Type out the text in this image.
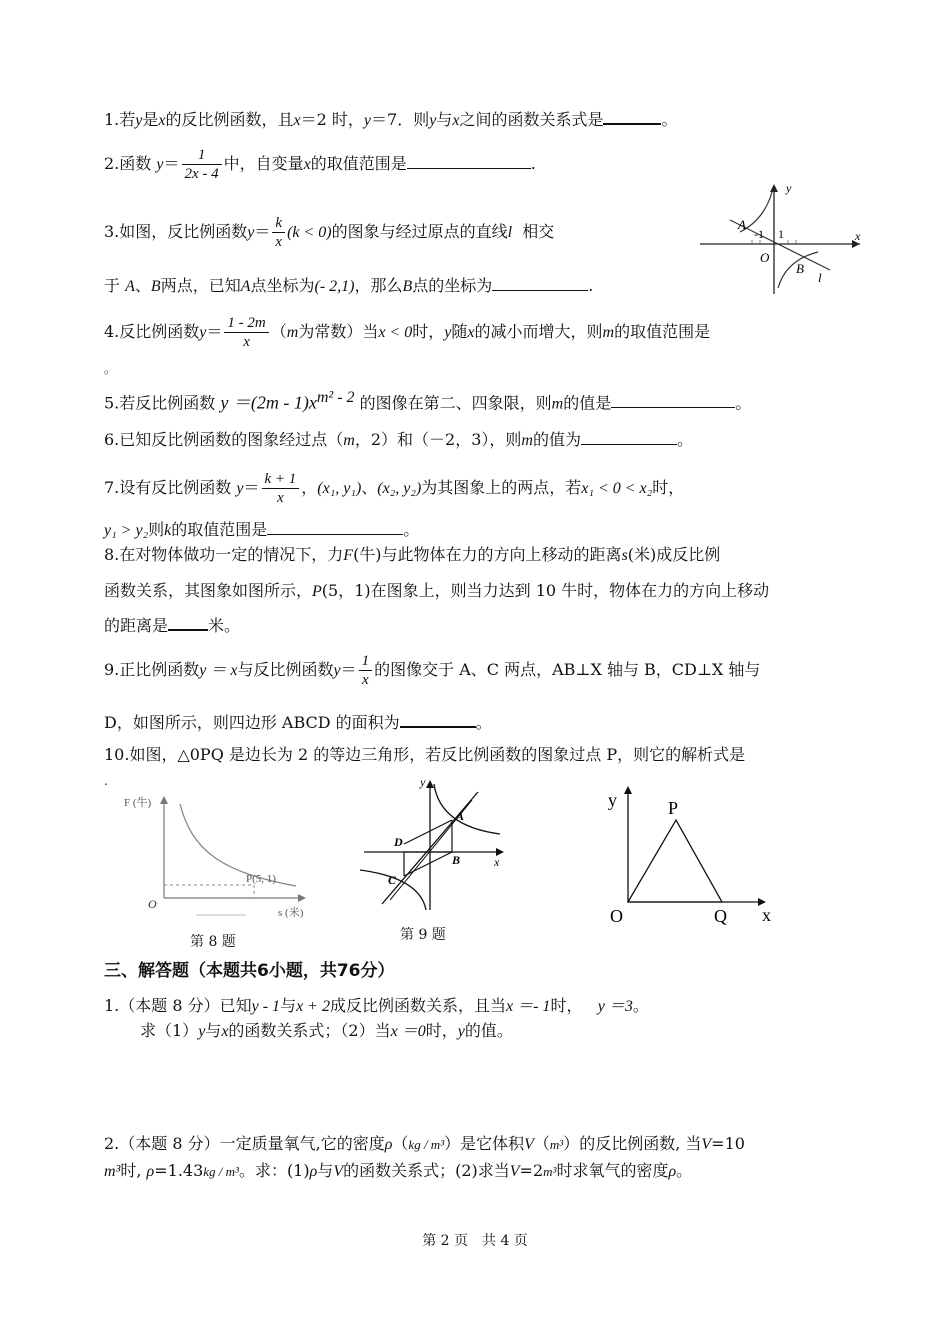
1.若y是x的反比例函数，且x＝2 时，y＝7．则y与x之间的函数关系式是	。
2.函数 $y= \frac{1}{2x - 4}$ 中，自变量x的取值范围是	.
3.如图，反比例函数$y= \frac{k}{x} (k < 0)$的图象与经过原点的直线l 相交
于 A、B两点，已知A点坐标为(- 2,1)，那么B点的坐标为	.
y
x
A
-1 1
O
B
l
4.反比例函数$y= \frac{1 - 2m}{x} (m$为常数）当x < 0时，y随x的减小而增大，则m的取值范围是
。
5.若反比例函数 $y =(2m - 1)x^{m^2 - 2}$ 的图像在第二、四象限，则m的值是	。
6.已知反比例函数的图象经过点（m，2）和（－2，3），则m的值为	。
7.设有反比例函数 $y= \frac{k + 1}{x}$ ，(x₁, y₁)、(x₂, y₂)为其图象上的两点，若x₁ < 0 < x₂时，
y₁ > y₂则k的取值范围是	。
8.在对物体做功一定的情况下，力F(牛)与此物体在力的方向上移动的距离s(米)成反比例
函数关系，其图象如图所示，P(5，1)在图象上，则当力达到 10 牛时，物体在力的方向上移动
的距离是	米。
9.正比例函数y ＝ x与反比例函数$y= \frac{1}{x}$ 的图像交于 A、C 两点，AB⊥X 轴与 B，CD⊥X 轴与
D，如图所示，则四边形 ABCD 的面积为	。
10.如图，△0PQ 是边长为 2 的等边三角形，若反比例函数的图象过点 P，则它的解析式是
.
F (牛)
s (米)
O
P(5, 1)
第 8 题
A
B
C
D
y
x
第 9 题
y
x
P
O	Q
三、解答题（本题共6小题，共76分）
1.（本题 8 分）已知y - 1与x + 2成反比例函数关系，且当x ＝- 1时， y ＝3。
求（1）y与x的函数关系式；（2）当x ＝0时，y的值。
2.（本题 8 分）一定质量氧气,它的密度ρ（kg / m³）是它体积V（m³）的反比例函数, 当V=10
m³时, ρ=1.43kg / m³。求：(1)ρ与V的函数关系式；(2)求当V=2m³时求氧气的密度ρ。
第 2 页　共 4 页
